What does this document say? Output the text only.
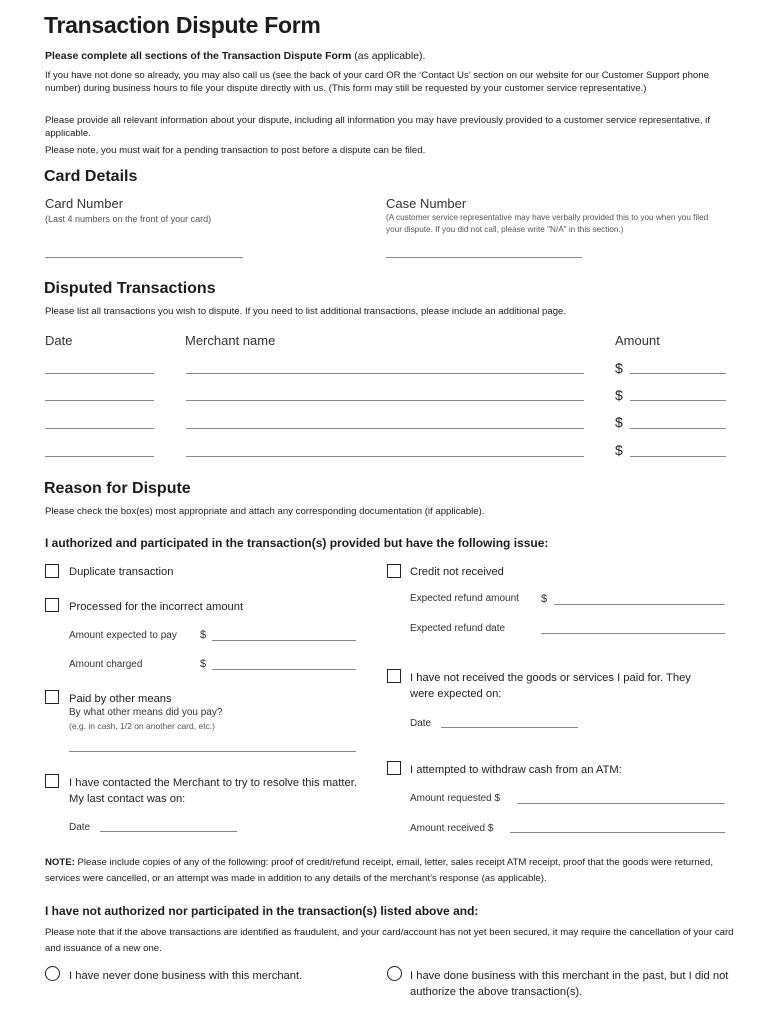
Transaction Dispute Form
Please complete all sections of the Transaction Dispute Form (as applicable).
If you have not done so already, you may also call us (see the back of your card OR the ‘Contact Us’ section on our website for our Customer Support phone number) during business hours to file your dispute directly with us. (This form may still be requested by your customer service representative.)
Please provide all relevant information about your dispute, including all information you may have previously provided to a customer service representative, if applicable.
Please note, you must wait for a pending transaction to post before a dispute can be filed.
Card Details
Card Number
(Last 4 numbers on the front of your card)
Case Number
(A customer service representative may have verbally provided this to you when you filed your dispute. If you did not call, please write "N/A" in this section.)
Disputed Transactions
Please list all transactions you wish to dispute. If you need to list additional transactions, please include an additional page.
Date	Merchant name	Amount
$
$
$
$
Reason for Dispute
Please check the box(es) most appropriate and attach any corresponding documentation (if applicable).
I authorized and participated in the transaction(s) provided but have the following issue:
Duplicate transaction
Processed for the incorrect amount
Amount expected to pay $
Amount charged	$
Paid by other means
By what other means did you pay?
(e.g. in cash, 1/2 on another card, etc.)
I have contacted the Merchant to try to resolve this matter. My last contact was on:
Date
Credit not received
Expected refund amount $
Expected refund date
I have not received the goods or services I paid for. They were expected on:
Date
I attempted to withdraw cash from an ATM:
Amount requested $
Amount received $
NOTE: Please include copies of any of the following: proof of credit/refund receipt, email, letter, sales receipt ATM receipt, proof that the goods were returned, services were cancelled, or an attempt was made in addition to any details of the merchant’s response (as applicable).
I have not authorized nor participated in the transaction(s) listed above and:
Please note that if the above transactions are identified as fraudulent, and your card/account has not yet been secured, it may require the cancellation of your card and issuance of a new one.
I have never done business with this merchant.	I have done business with this merchant in the past, but I did not authorize the above transaction(s).
